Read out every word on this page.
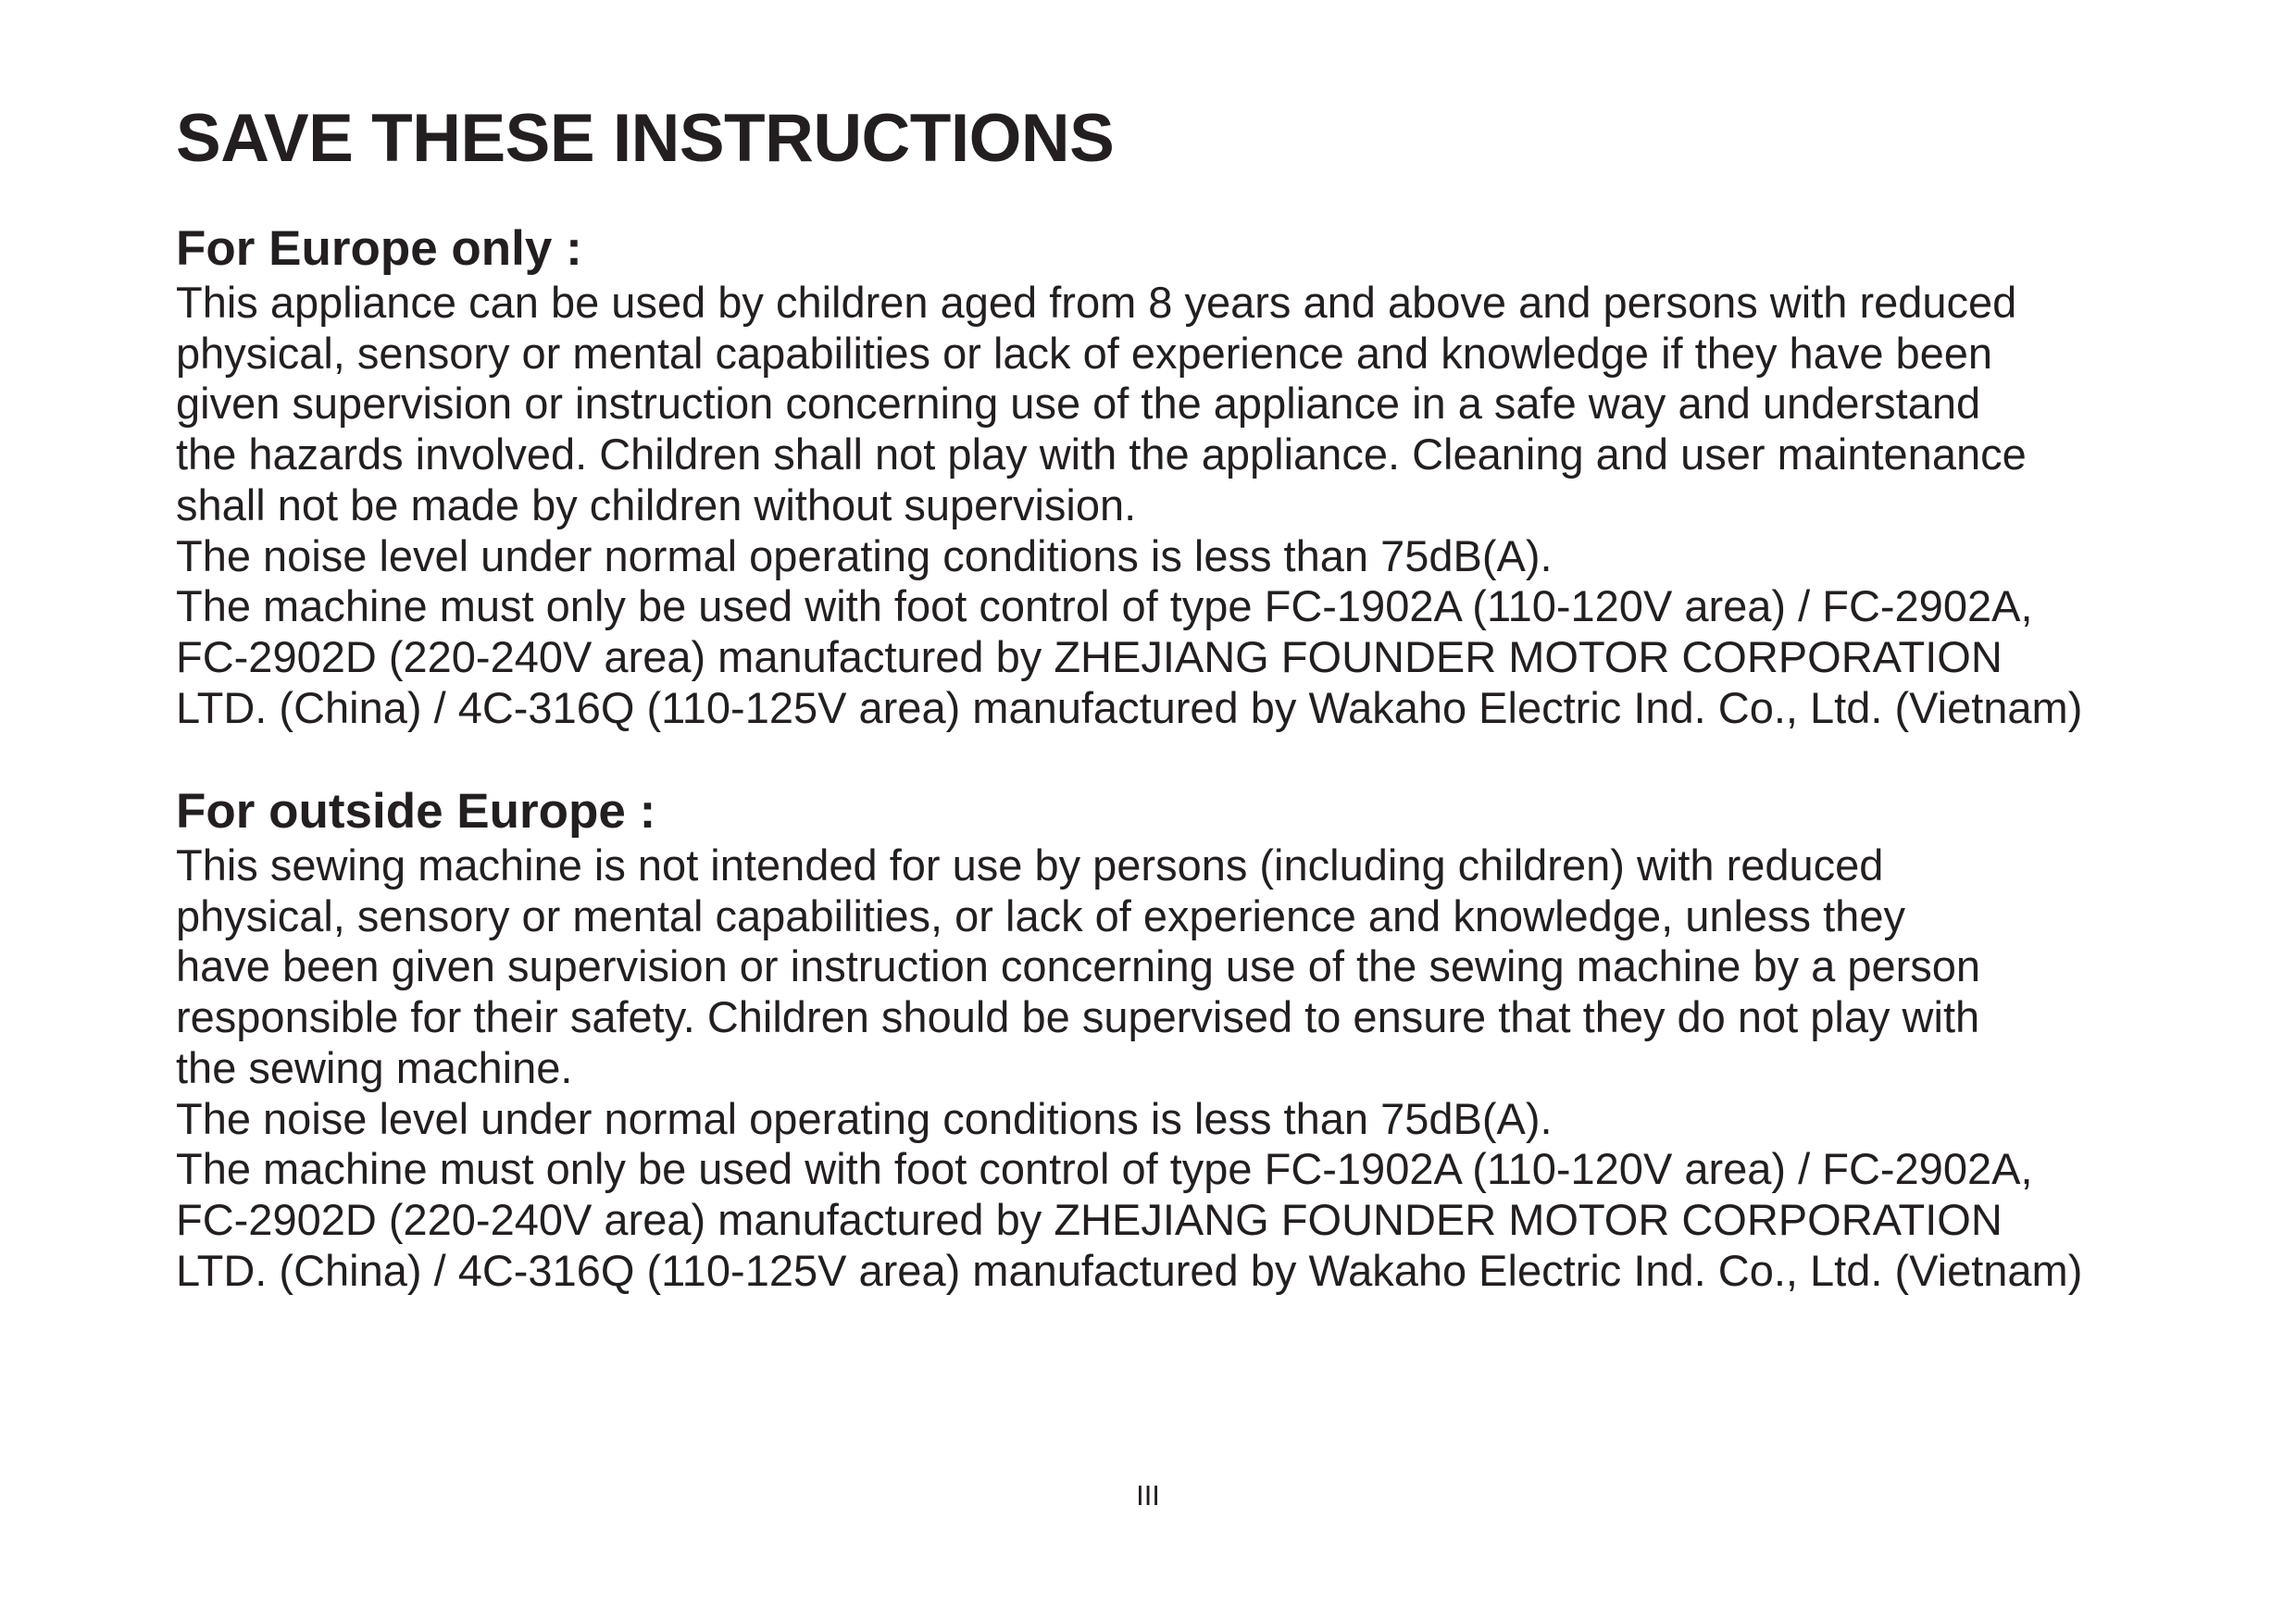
SAVE THESE INSTRUCTIONS
For Europe only :
This appliance can be used by children aged from 8 years and above and persons with reduced
physical, sensory or mental capabilities or lack of experience and knowledge if they have been
given supervision or instruction concerning use of the appliance in a safe way and understand
the hazards involved. Children shall not play with the appliance. Cleaning and user maintenance
shall not be made by children without supervision.
The noise level under normal operating conditions is less than 75dB(A).
The machine must only be used with foot control of type FC-1902A (110-120V area) / FC-2902A,
FC-2902D (220-240V area) manufactured by ZHEJIANG FOUNDER MOTOR CORPORATION
LTD. (China) / 4C-316Q (110-125V area) manufactured by Wakaho Electric Ind. Co., Ltd. (Vietnam)
For outside Europe :
This sewing machine is not intended for use by persons (including children) with reduced
physical, sensory or mental capabilities, or lack of experience and knowledge, unless they
have been given supervision or instruction concerning use of the sewing machine by a person
responsible for their safety. Children should be supervised to ensure that they do not play with
the sewing machine.
The noise level under normal operating conditions is less than 75dB(A).
The machine must only be used with foot control of type FC-1902A (110-120V area) / FC-2902A,
FC-2902D (220-240V area) manufactured by ZHEJIANG FOUNDER MOTOR CORPORATION
LTD. (China) / 4C-316Q (110-125V area) manufactured by Wakaho Electric Ind. Co., Ltd. (Vietnam)
III
